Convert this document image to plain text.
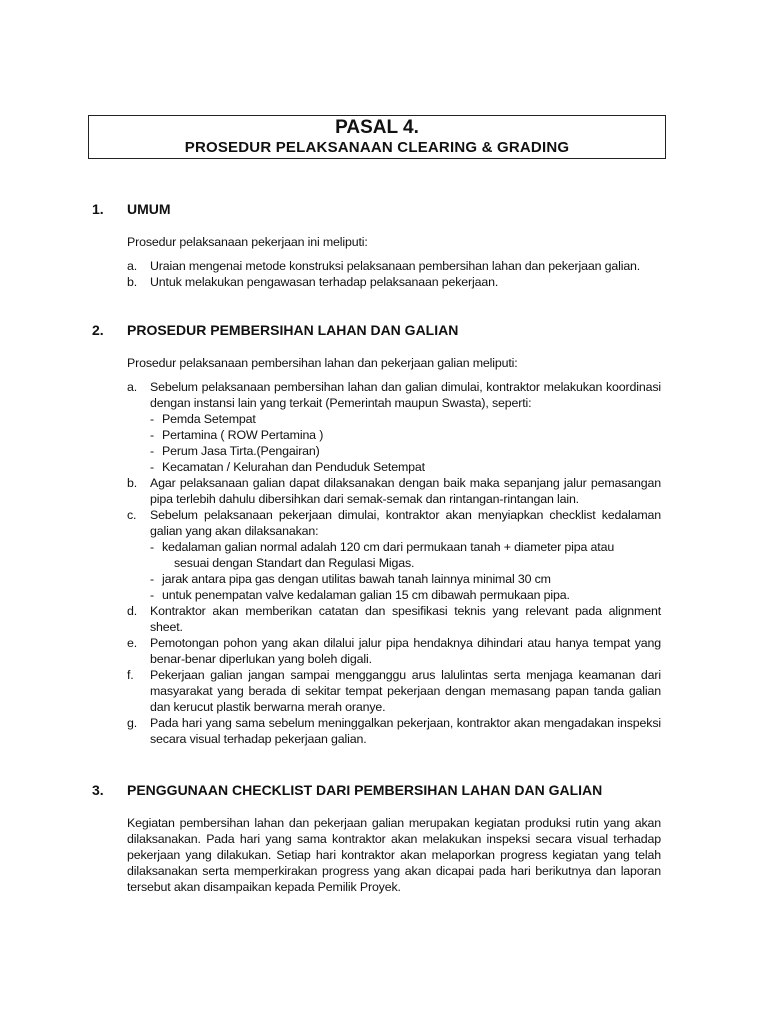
PASAL 4.
PROSEDUR PELAKSANAAN CLEARING & GRADING
1. UMUM
Prosedur pelaksanaan pekerjaan ini meliputi:
a. Uraian mengenai metode konstruksi pelaksanaan pembersihan lahan dan pekerjaan galian.
b. Untuk melakukan pengawasan terhadap pelaksanaan pekerjaan.
2. PROSEDUR PEMBERSIHAN LAHAN DAN GALIAN
Prosedur pelaksanaan pembersihan lahan dan pekerjaan galian meliputi:
a. Sebelum pelaksanaan pembersihan lahan dan galian dimulai, kontraktor melakukan koordinasi dengan instansi lain yang terkait (Pemerintah maupun Swasta), seperti:
- Pemda Setempat
- Pertamina ( ROW Pertamina )
- Perum Jasa Tirta.(Pengairan)
- Kecamatan / Kelurahan dan Penduduk Setempat
b. Agar pelaksanaan galian dapat dilaksanakan dengan baik maka sepanjang jalur pemasangan pipa terlebih dahulu dibersihkan dari semak-semak dan rintangan-rintangan lain.
c. Sebelum pelaksanaan pekerjaan dimulai, kontraktor akan menyiapkan checklist kedalaman galian yang akan dilaksanakan:
- kedalaman galian normal adalah 120 cm dari permukaan tanah + diameter pipa atau
sesuai dengan Standart dan Regulasi Migas.
- jarak antara pipa gas dengan utilitas bawah tanah lainnya minimal 30 cm
- untuk penempatan valve kedalaman galian 15 cm dibawah permukaan pipa.
d. Kontraktor akan memberikan catatan dan spesifikasi teknis yang relevant pada alignment sheet.
e. Pemotongan pohon yang akan dilalui jalur pipa hendaknya dihindari atau hanya tempat yang benar-benar diperlukan yang boleh digali.
f. Pekerjaan galian jangan sampai mengganggu arus lalulintas serta menjaga keamanan dari masyarakat yang berada di sekitar tempat pekerjaan dengan memasang papan tanda galian dan kerucut plastik berwarna merah oranye.
g. Pada hari yang sama sebelum meninggalkan pekerjaan, kontraktor akan mengadakan inspeksi secara visual terhadap pekerjaan galian.
3. PENGGUNAAN CHECKLIST DARI PEMBERSIHAN LAHAN DAN GALIAN
Kegiatan pembersihan lahan dan pekerjaan galian merupakan kegiatan produksi rutin yang akan dilaksanakan. Pada hari yang sama kontraktor akan melakukan inspeksi secara visual terhadap pekerjaan yang dilakukan. Setiap hari kontraktor akan melaporkan progress kegiatan yang telah dilaksanakan serta memperkirakan progress yang akan dicapai pada hari berikutnya dan laporan tersebut akan disampaikan kepada Pemilik Proyek.
